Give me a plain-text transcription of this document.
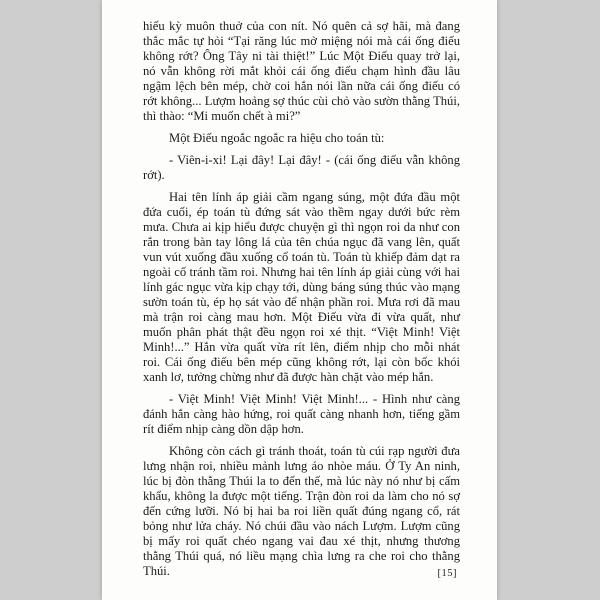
hiếu kỳ muôn thuở của con nít. Nó quên cả sợ hãi, mà đang thắc mắc tự hỏi “Tại răng lúc mở miệng nói mà cái ống điếu không rớt? Ông Tây ni tài thiệt!” Lúc Một Điếu quay trở lại, nó vẫn không rời mắt khỏi cái ống điếu chạm hình đầu lâu ngậm lệch bên mép, chờ coi hắn nói lần nữa cái ống điếu có rớt không... Lượm hoảng sợ thúc cùi chỏ vào sườn thằng Thúi, thì thào: “Mi muốn chết à mi?”

Một Điếu ngoắc ngoắc ra hiệu cho toán tù:

- Viên-i-xi! Lại đây! Lại đây! - (cái ống điếu vẫn không rớt).

Hai tên lính áp giải cầm ngang súng, một đứa đầu một đứa cuối, ép toán tù đứng sát vào thềm ngay dưới bức rèm mưa. Chưa ai kịp hiểu được chuyện gì thì ngọn roi da như con rắn trong bàn tay lông lá của tên chúa ngục đã vang lên, quất vun vút xuống đầu xuống cổ toán tù. Toán tù khiếp đảm dạt ra ngoài cố tránh tầm roi. Nhưng hai tên lính áp giải cùng với hai lính gác ngục vừa kịp chạy tới, dùng báng súng thúc vào mạng sườn toán tù, ép họ sát vào để nhận phần roi. Mưa rơi đã mau mà trận roi càng mau hơn. Một Điếu vừa đi vừa quất, như muốn phân phát thật đều ngọn roi xé thịt. “Việt Minh! Việt Minh!...” Hắn vừa quất vừa rít lên, điểm nhịp cho mỗi nhát roi. Cái ống điếu bên mép cũng không rớt, lại còn bốc khói xanh lơ, tưởng chừng như đã được hàn chặt vào mép hắn.

- Việt Minh! Việt Minh! Việt Minh!... - Hình như càng đánh hắn càng hào hứng, roi quất càng nhanh hơn, tiếng gầm rít điểm nhịp càng dồn dập hơn.

Không còn cách gì tránh thoát, toán tù cúi rạp người đưa lưng nhận roi, nhiều mảnh lưng áo nhòe máu. Ở Ty An ninh, lúc bị đòn thằng Thúi la to đến thế, mà lúc này nó như bị cấm khẩu, không la được một tiếng. Trận đòn roi da làm cho nó sợ đến cứng lưỡi. Nó bị hai ba roi liền quất đúng ngang cổ, rát bỏng như lửa cháy. Nó chúi đầu vào nách Lượm. Lượm cũng bị mấy roi quất chéo ngang vai đau xé thịt, nhưng thương thằng Thúi quá, nó liều mạng chìa lưng ra che roi cho thằng Thúi.	[15]
